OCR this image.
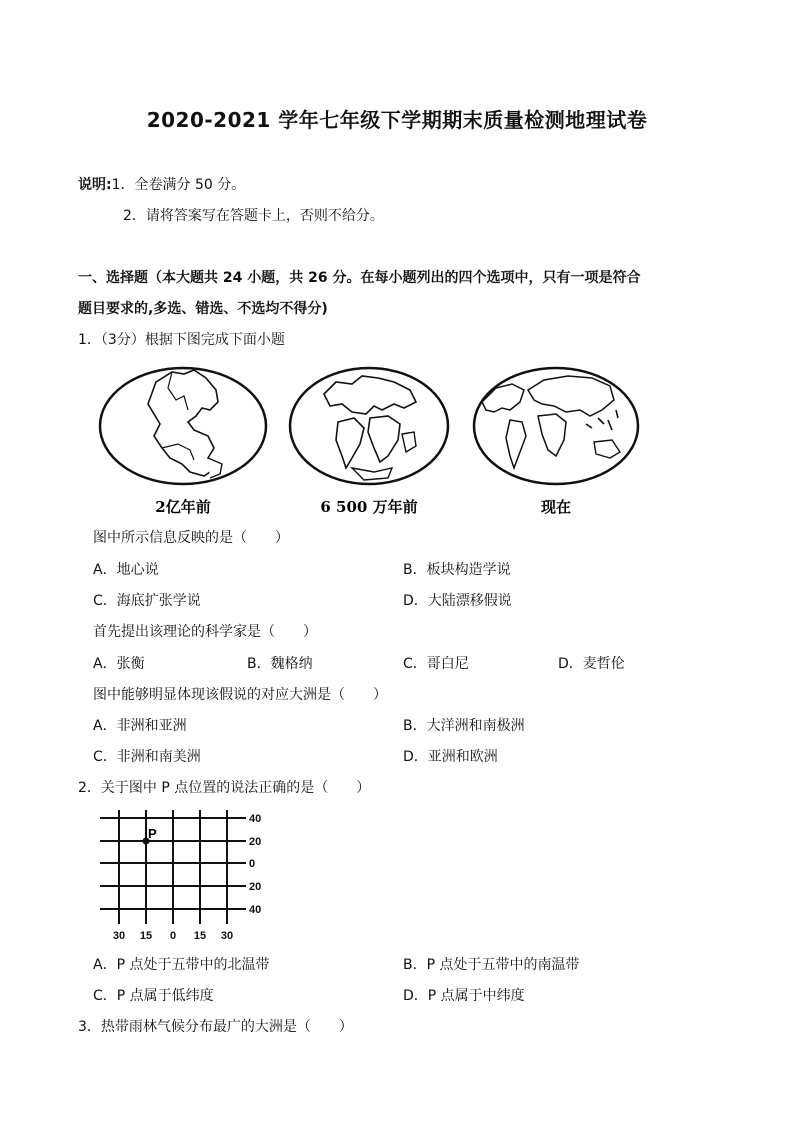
2020-2021 学年七年级下学期期末质量检测地理试卷
说明:1．全卷满分 50 分。
2．请将答案写在答题卡上，否则不给分。
一、选择题（本大题共 24 小题，共 26 分。在每小题列出的四个选项中，只有一项是符合
题目要求的,多选、错选、不选均不得分)
1．（3分）根据下图完成下面小题
2亿年前	6 500 万年前	现在
图中所示信息反映的是（　　）
A．地心说	B．板块构造学说
C．海底扩张学说	D．大陆漂移假说
首先提出该理论的科学家是（　　）
A．张衡	B．魏格纳	C．哥白尼	D．麦哲伦
图中能够明显体现该假说的对应大洲是（　　）
A．非洲和亚洲	B．大洋洲和南极洲
C．非洲和南美洲	D．亚洲和欧洲
2．关于图中 P 点位置的说法正确的是（　　）
P
40
20
0
20
40
30 15 0 15 30
A．P 点处于五带中的北温带	B．P 点处于五带中的南温带
C．P 点属于低纬度	D．P 点属于中纬度
3．热带雨林气候分布最广的大洲是（　　）
